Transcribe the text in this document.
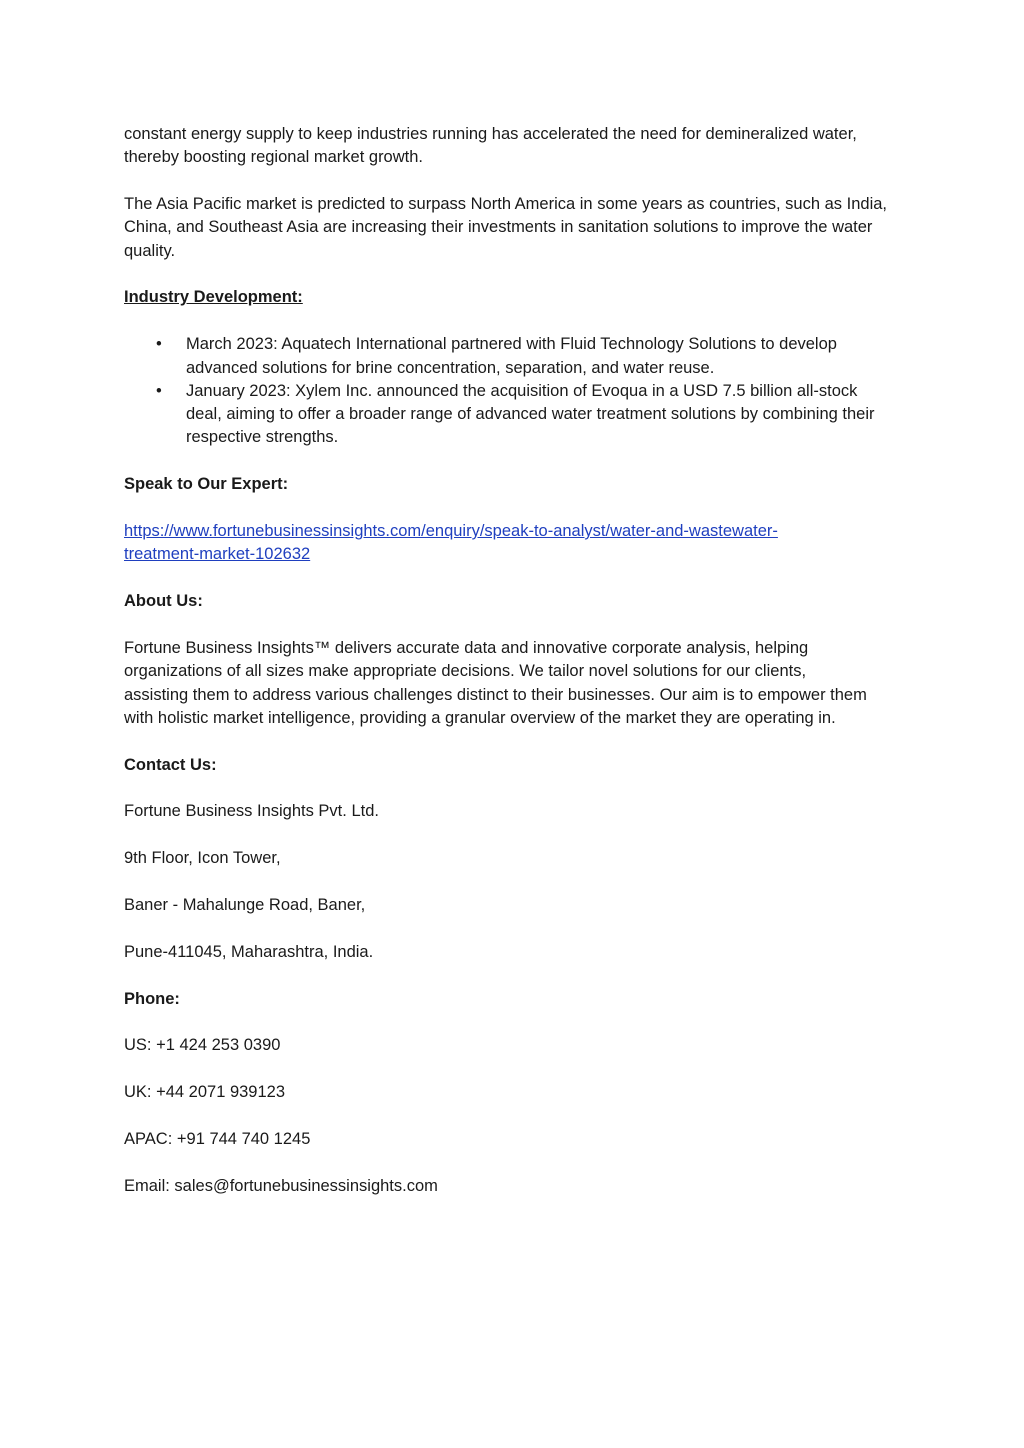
constant energy supply to keep industries running has accelerated the need for demineralized water, thereby boosting regional market growth.

The Asia Pacific market is predicted to surpass North America in some years as countries, such as India, China, and Southeast Asia are increasing their investments in sanitation solutions to improve the water quality.

Industry Development:

• March 2023: Aquatech International partnered with Fluid Technology Solutions to develop advanced solutions for brine concentration, separation, and water reuse.
• January 2023: Xylem Inc. announced the acquisition of Evoqua in a USD 7.5 billion all-stock deal, aiming to offer a broader range of advanced water treatment solutions by combining their respective strengths.

Speak to Our Expert:

https://www.fortunebusinessinsights.com/enquiry/speak-to-analyst/water-and-wastewater-
treatment-market-102632

About Us:

Fortune Business Insights™ delivers accurate data and innovative corporate analysis, helping organizations of all sizes make appropriate decisions. We tailor novel solutions for our clients, assisting them to address various challenges distinct to their businesses. Our aim is to empower them with holistic market intelligence, providing a granular overview of the market they are operating in.

Contact Us:

Fortune Business Insights Pvt. Ltd.

9th Floor, Icon Tower,

Baner - Mahalunge Road, Baner,

Pune-411045, Maharashtra, India.

Phone:

US: +1 424 253 0390

UK: +44 2071 939123

APAC: +91 744 740 1245

Email: sales@fortunebusinessinsights.com
